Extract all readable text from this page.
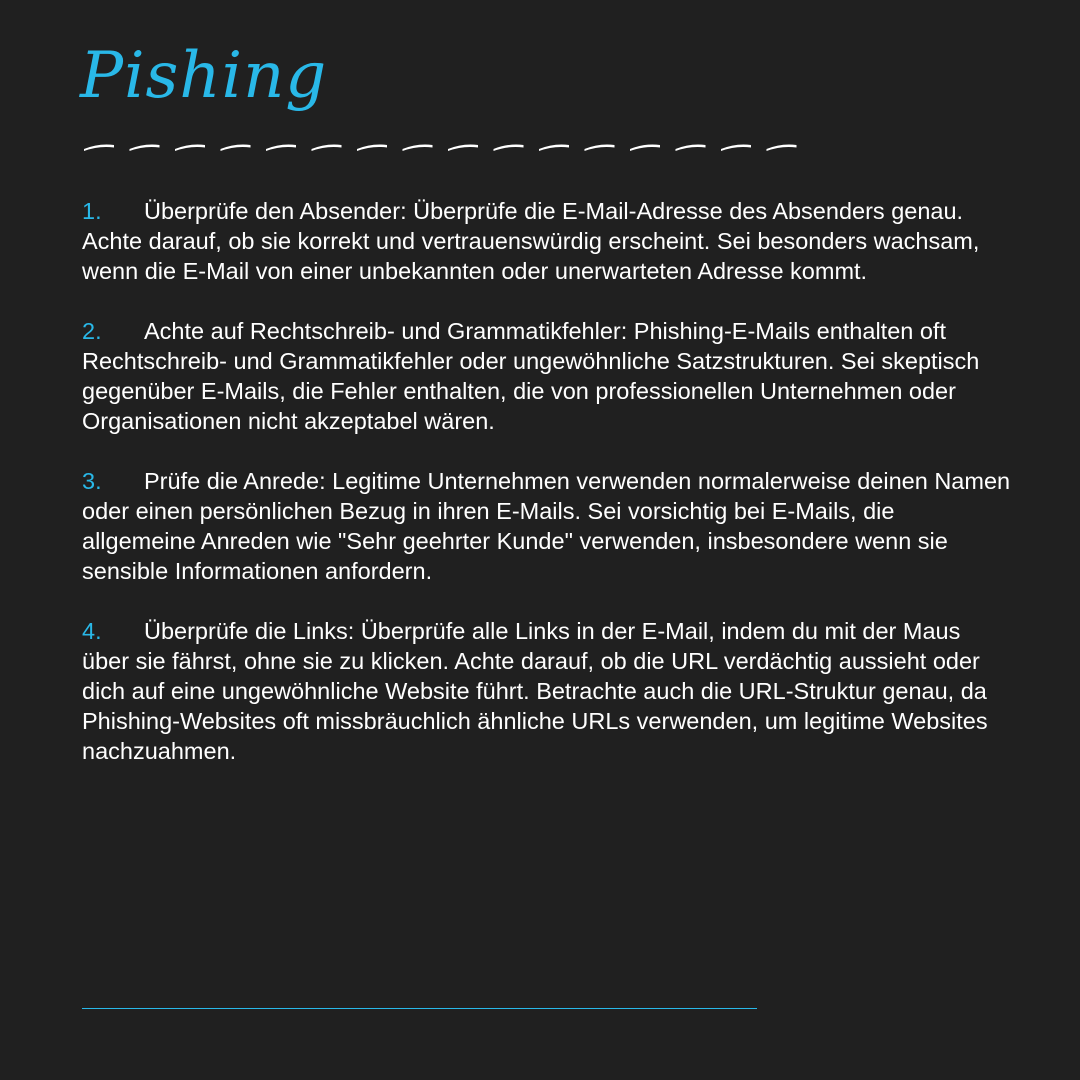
Pishing
1. Überprüfe den Absender: Überprüfe die E-Mail-Adresse des Absenders genau. Achte darauf, ob sie korrekt und vertrauenswürdig erscheint. Sei besonders wachsam, wenn die E-Mail von einer unbekannten oder unerwarteten Adresse kommt.
2. Achte auf Rechtschreib- und Grammatikfehler: Phishing-E-Mails enthalten oft Rechtschreib- und Grammatikfehler oder ungewöhnliche Satzstrukturen. Sei skeptisch gegenüber E-Mails, die Fehler enthalten, die von professionellen Unternehmen oder Organisationen nicht akzeptabel wären.
3. Prüfe die Anrede: Legitime Unternehmen verwenden normalerweise deinen Namen oder einen persönlichen Bezug in ihren E-Mails. Sei vorsichtig bei E-Mails, die allgemeine Anreden wie "Sehr geehrter Kunde" verwenden, insbesondere wenn sie sensible Informationen anfordern.
4. Überprüfe die Links: Überprüfe alle Links in der E-Mail, indem du mit der Maus über sie fährst, ohne sie zu klicken. Achte darauf, ob die URL verdächtig aussieht oder dich auf eine ungewöhnliche Website führt. Betrachte auch die URL-Struktur genau, da Phishing-Websites oft missbräuchlich ähnliche URLs verwenden, um legitime Websites nachzuahmen.
